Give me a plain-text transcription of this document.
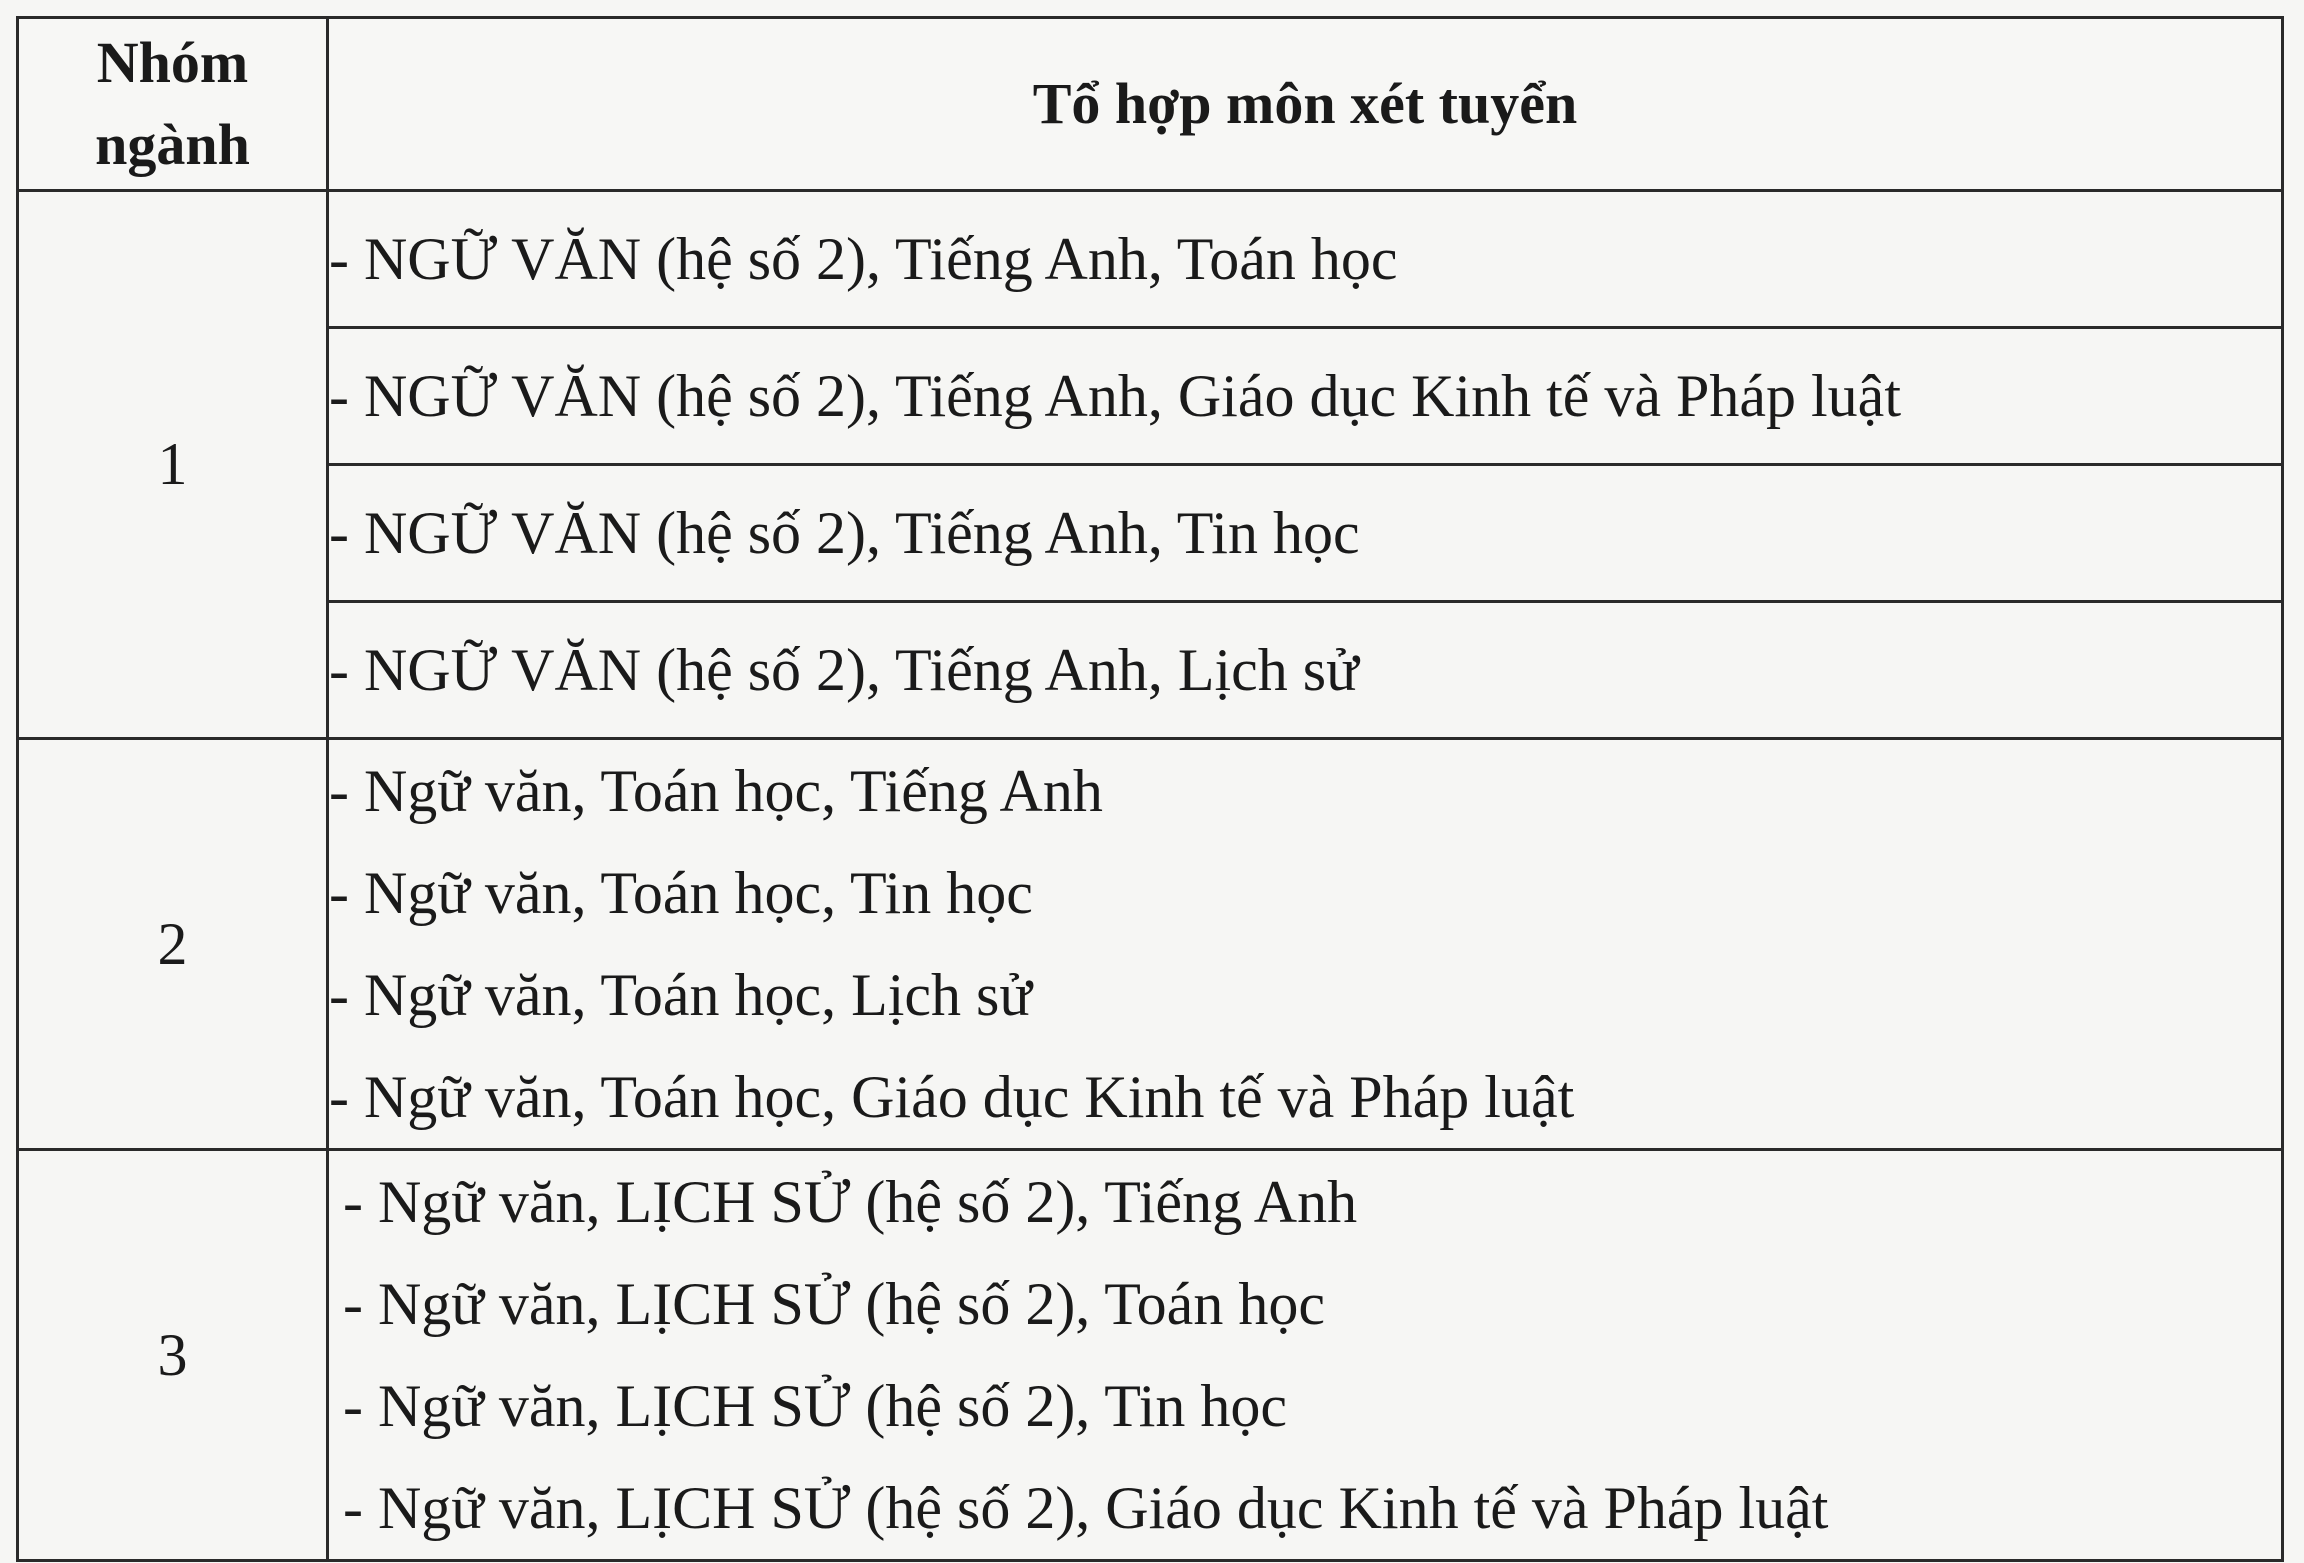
Nhóm
ngành	Tổ hợp môn xét tuyển
1	- NGỮ VĂN (hệ số 2), Tiếng Anh, Toán học
	- NGỮ VĂN (hệ số 2), Tiếng Anh, Giáo dục Kinh tế và Pháp luật
	- NGỮ VĂN (hệ số 2), Tiếng Anh, Tin học
	- NGỮ VĂN (hệ số 2), Tiếng Anh, Lịch sử
2	- Ngữ văn, Toán học, Tiếng Anh
- Ngữ văn, Toán học, Tin học
- Ngữ văn, Toán học, Lịch sử
- Ngữ văn, Toán học, Giáo dục Kinh tế và Pháp luật

3	- Ngữ văn, LỊCH SỬ (hệ số 2), Tiếng Anh
- Ngữ văn, LỊCH SỬ (hệ số 2), Toán học
- Ngữ văn, LỊCH SỬ (hệ số 2), Tin học
- Ngữ văn, LỊCH SỬ (hệ số 2), Giáo dục Kinh tế và Pháp luật
